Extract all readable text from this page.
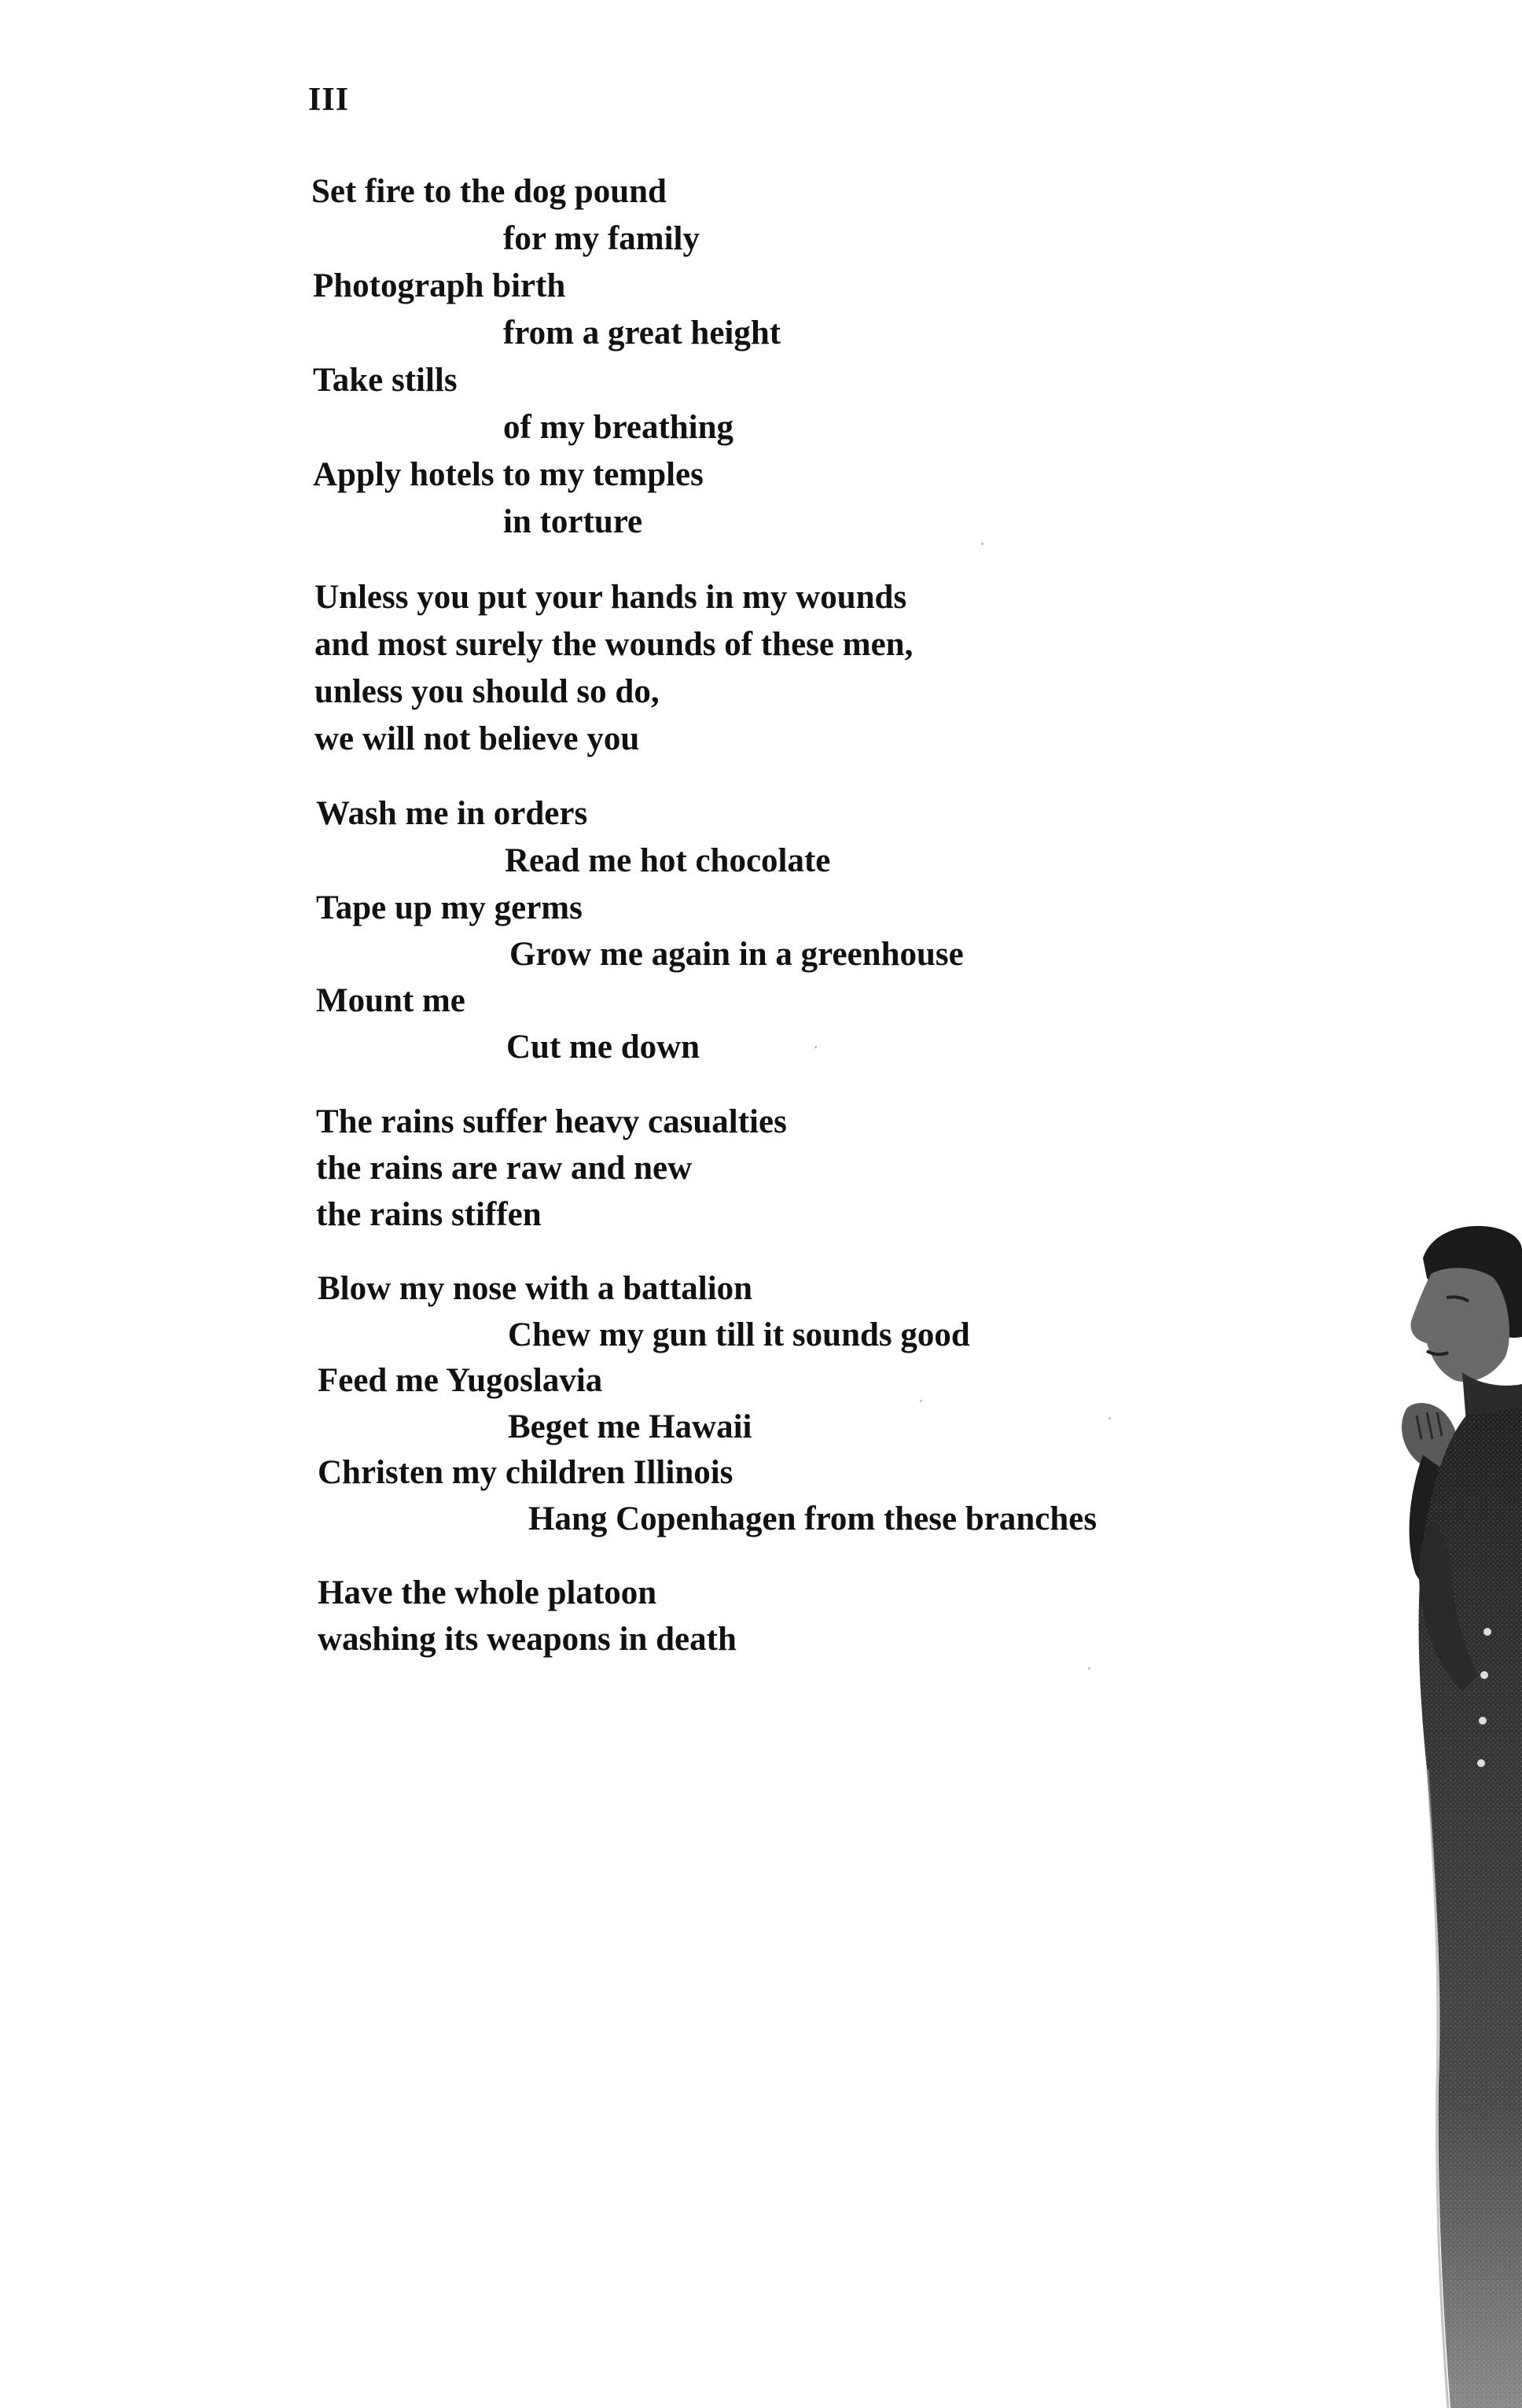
III
Set fire to the dog pound
for my family
Photograph birth
from a great height
Take stills
of my breathing
Apply hotels to my temples
in torture
Unless you put your hands in my wounds
and most surely the wounds of these men,
unless you should so do,
we will not believe you
Wash me in orders
Read me hot chocolate
Tape up my germs
Grow me again in a greenhouse
Mount me
Cut me down
The rains suffer heavy casualties
the rains are raw and new
the rains stiffen
Blow my nose with a battalion
Chew my gun till it sounds good
Feed me Yugoslavia
Beget me Hawaii
Christen my children Illinois
Hang Copenhagen from these branches
Have the whole platoon
washing its weapons in death
